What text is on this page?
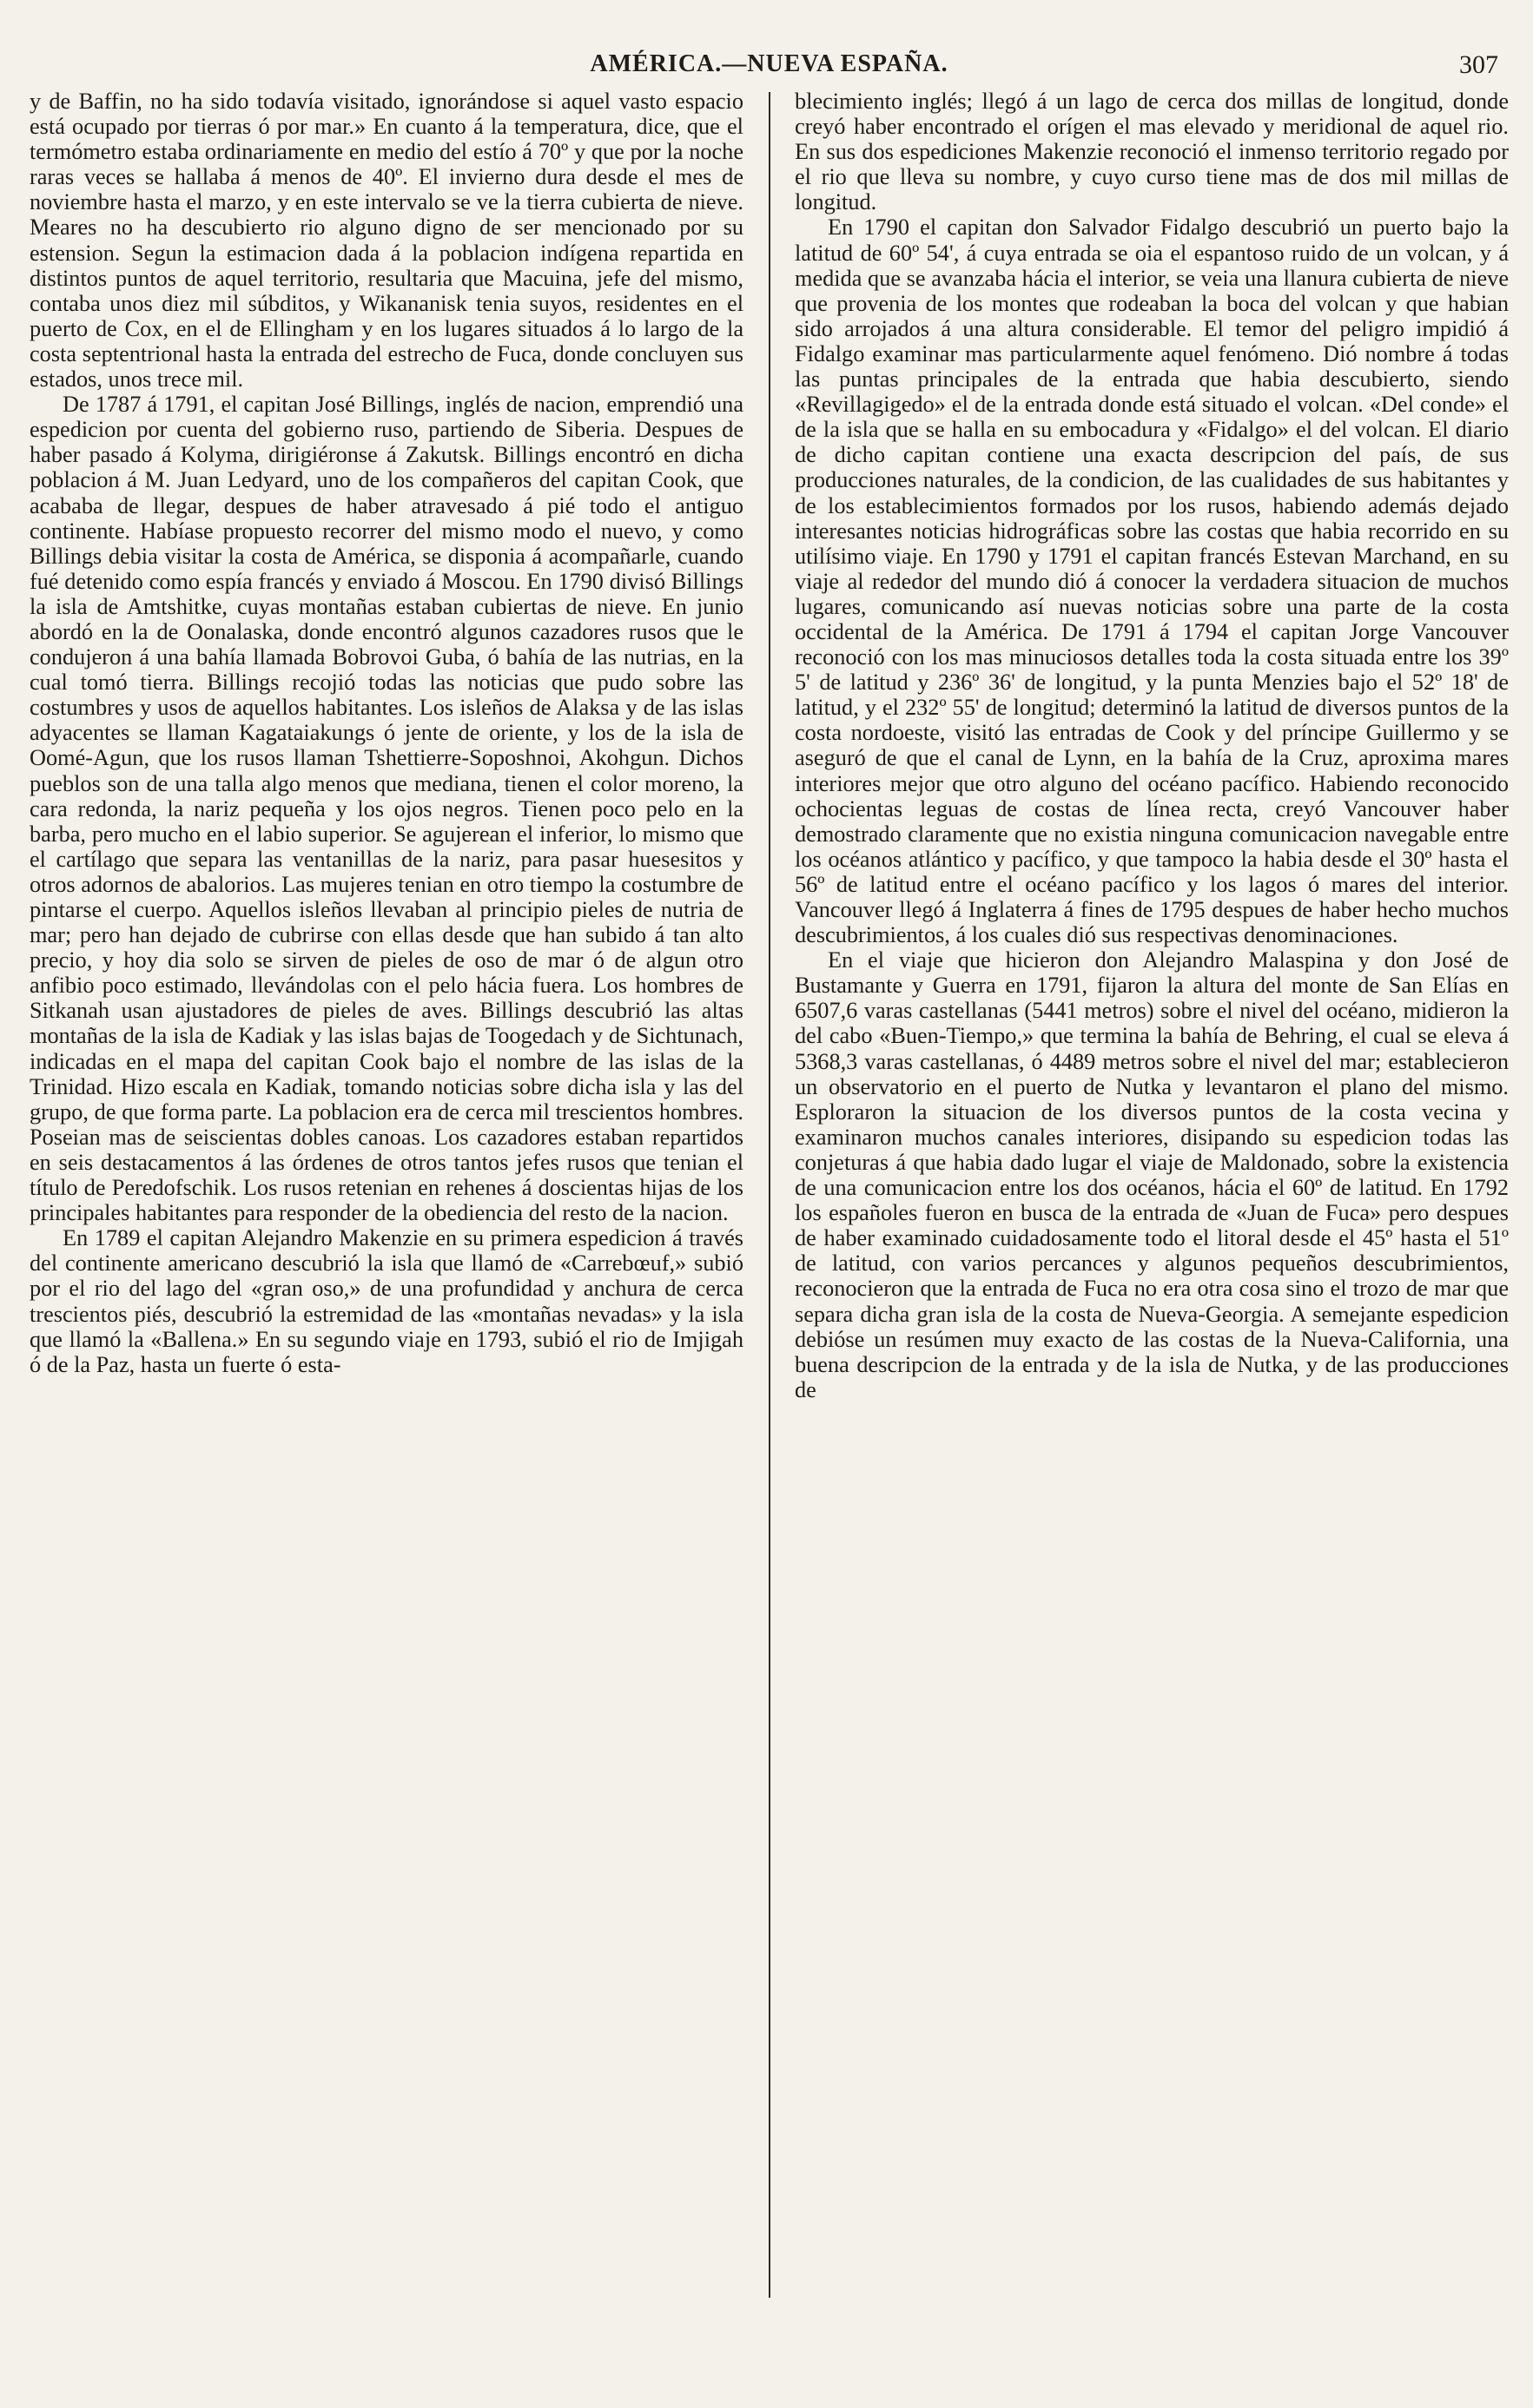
AMÉRICA.—NUEVA ESPAÑA.	307

y de Baffin, no ha sido todavía visitado, ignorándose si aquel vasto espacio está ocupado por tierras ó por mar.» En cuanto á la temperatura, dice, que el termómetro estaba ordinariamente en medio del estío á 70º y que por la noche raras veces se hallaba á menos de 40º. El invierno dura desde el mes de noviembre hasta el marzo, y en este intervalo se ve la tierra cubierta de nieve. Meares no ha descubierto rio alguno digno de ser mencionado por su estension. Segun la estimacion dada á la poblacion indígena repartida en distintos puntos de aquel territorio, resultaria que Macuina, jefe del mismo, contaba unos diez mil súbditos, y Wikananisk tenia suyos, residentes en el puerto de Cox, en el de Ellingham y en los lugares situados á lo largo de la costa septentrional hasta la entrada del estrecho de Fuca, donde concluyen sus estados, unos trece mil.

De 1787 á 1791, el capitan José Billings, inglés de nacion, emprendió una espedicion por cuenta del gobierno ruso, partiendo de Siberia. Despues de haber pasado á Kolyma, dirigiéronse á Zakutsk. Billings encontró en dicha poblacion á M. Juan Ledyard, uno de los compañeros del capitan Cook, que acababa de llegar, despues de haber atravesado á pié todo el antiguo continente. Habíase propuesto recorrer del mismo modo el nuevo, y como Billings debia visitar la costa de América, se disponia á acompañarle, cuando fué detenido como espía francés y enviado á Moscou. En 1790 divisó Billings la isla de Amtshitke, cuyas montañas estaban cubiertas de nieve. En junio abordó en la de Oonalaska, donde encontró algunos cazadores rusos que le condujeron á una bahía llamada Bobrovoi Guba, ó bahía de las nutrias, en la cual tomó tierra. Billings recojió todas las noticias que pudo sobre las costumbres y usos de aquellos habitantes. Los isleños de Alaksa y de las islas adyacentes se llaman Kagataiakungs ó jente de oriente, y los de la isla de Oomé-Agun, que los rusos llaman Tshettierre-Soposhnoi, Akohgun. Dichos pueblos son de una talla algo menos que mediana, tienen el color moreno, la cara redonda, la nariz pequeña y los ojos negros. Tienen poco pelo en la barba, pero mucho en el labio superior. Se agujerean el inferior, lo mismo que el cartílago que separa las ventanillas de la nariz, para pasar huesesitos y otros adornos de abalorios. Las mujeres tenian en otro tiempo la costumbre de pintarse el cuerpo. Aquellos isleños llevaban al principio pieles de nutria de mar; pero han dejado de cubrirse con ellas desde que han subido á tan alto precio, y hoy dia solo se sirven de pieles de oso de mar ó de algun otro anfibio poco estimado, llevándolas con el pelo hácia fuera. Los hombres de Sitkanah usan ajustadores de pieles de aves. Billings descubrió las altas montañas de la isla de Kadiak y las islas bajas de Toogedach y de Sichtunach, indicadas en el mapa del capitan Cook bajo el nombre de las islas de la Trinidad. Hizo escala en Kadiak, tomando noticias sobre dicha isla y las del grupo, de que forma parte. La poblacion era de cerca mil trescientos hombres. Poseian mas de seiscientas dobles canoas. Los cazadores estaban repartidos en seis destacamentos á las órdenes de otros tantos jefes rusos que tenian el título de Peredofschik. Los rusos retenian en rehenes á doscientas hijas de los principales habitantes para responder de la obediencia del resto de la nacion.

En 1789 el capitan Alejandro Makenzie en su primera espedicion á través del continente americano descubrió la isla que llamó de «Carrebœuf,» subió por el rio del lago del «gran oso,» de una profundidad y anchura de cerca trescientos piés, descubrió la estremidad de las «montañas nevadas» y la isla que llamó la «Ballena.» En su segundo viaje en 1793, subió el rio de Imjigah ó de la Paz, hasta un fuerte ó esta-

blecimiento inglés; llegó á un lago de cerca dos millas de longitud, donde creyó haber encontrado el orígen el mas elevado y meridional de aquel rio. En sus dos espediciones Makenzie reconoció el inmenso territorio regado por el rio que lleva su nombre, y cuyo curso tiene mas de dos mil millas de longitud.

En 1790 el capitan don Salvador Fidalgo descubrió un puerto bajo la latitud de 60º 54', á cuya entrada se oia el espantoso ruido de un volcan, y á medida que se avanzaba hácia el interior, se veia una llanura cubierta de nieve que provenia de los montes que rodeaban la boca del volcan y que habian sido arrojados á una altura considerable. El temor del peligro impidió á Fidalgo examinar mas particularmente aquel fenómeno. Dió nombre á todas las puntas principales de la entrada que habia descubierto, siendo «Revillagigedo» el de la entrada donde está situado el volcan. «Del conde» el de la isla que se halla en su embocadura y «Fidalgo» el del volcan. El diario de dicho capitan contiene una exacta descripcion del país, de sus producciones naturales, de la condicion, de las cualidades de sus habitantes y de los establecimientos formados por los rusos, habiendo además dejado interesantes noticias hidrográficas sobre las costas que habia recorrido en su utilísimo viaje. En 1790 y 1791 el capitan francés Estevan Marchand, en su viaje al rededor del mundo dió á conocer la verdadera situacion de muchos lugares, comunicando así nuevas noticias sobre una parte de la costa occidental de la América. De 1791 á 1794 el capitan Jorge Vancouver reconoció con los mas minuciosos detalles toda la costa situada entre los 39º 5' de latitud y 236º 36' de longitud, y la punta Menzies bajo el 52º 18' de latitud, y el 232º 55' de longitud; determinó la latitud de diversos puntos de la costa nordoeste, visitó las entradas de Cook y del príncipe Guillermo y se aseguró de que el canal de Lynn, en la bahía de la Cruz, aproxima mares interiores mejor que otro alguno del océano pacífico. Habiendo reconocido ochocientas leguas de costas de línea recta, creyó Vancouver haber demostrado claramente que no existia ninguna comunicacion navegable entre los océanos atlántico y pacífico, y que tampoco la habia desde el 30º hasta el 56º de latitud entre el océano pacífico y los lagos ó mares del interior. Vancouver llegó á Inglaterra á fines de 1795 despues de haber hecho muchos descubrimientos, á los cuales dió sus respectivas denominaciones.

En el viaje que hicieron don Alejandro Malaspina y don José de Bustamante y Guerra en 1791, fijaron la altura del monte de San Elías en 6507,6 varas castellanas (5441 metros) sobre el nivel del océano, midieron la del cabo «Buen-Tiempo,» que termina la bahía de Behring, el cual se eleva á 5368,3 varas castellanas, ó 4489 metros sobre el nivel del mar; establecieron un observatorio en el puerto de Nutka y levantaron el plano del mismo. Esploraron la situacion de los diversos puntos de la costa vecina y examinaron muchos canales interiores, disipando su espedicion todas las conjeturas á que habia dado lugar el viaje de Maldonado, sobre la existencia de una comunicacion entre los dos océanos, hácia el 60º de latitud. En 1792 los españoles fueron en busca de la entrada de «Juan de Fuca» pero despues de haber examinado cuidadosamente todo el litoral desde el 45º hasta el 51º de latitud, con varios percances y algunos pequeños descubrimientos, reconocieron que la entrada de Fuca no era otra cosa sino el trozo de mar que separa dicha gran isla de la costa de Nueva-Georgia. A semejante espedicion debióse un resúmen muy exacto de las costas de la Nueva-California, una buena descripcion de la entrada y de la isla de Nutka, y de las producciones de
